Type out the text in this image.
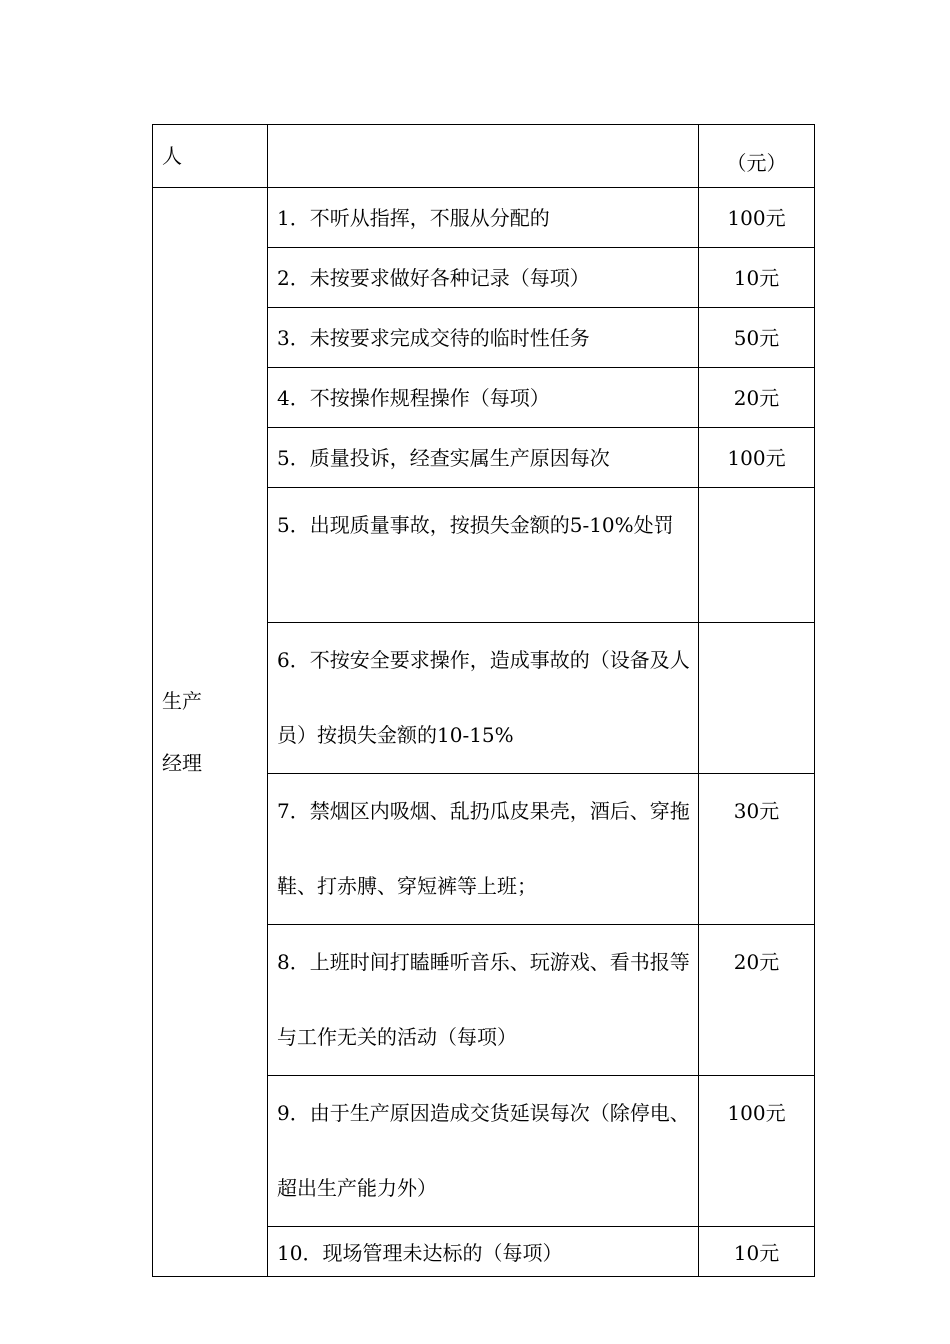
人		（元）

生产
经理	1．不听从指挥，不服从分配的	100元
	2．未按要求做好各种记录（每项）	10元
	3．未按要求完成交待的临时性任务	50元
	4．不按操作规程操作（每项）	20元
	5．质量投诉，经查实属生产原因每次	100元
	5．出现质量事故，按损失金额的5-10%处罚	
	6．不按安全要求操作，造成事故的（设备及人员）按损失金额的10-15%	
	7．禁烟区内吸烟、乱扔瓜皮果壳，酒后、穿拖鞋、打赤膊、穿短裤等上班；	30元
	8．上班时间打瞌睡听音乐、玩游戏、看书报等与工作无关的活动（每项）	20元
	9．由于生产原因造成交货延误每次（除停电、超出生产能力外）	100元
	10．现场管理未达标的（每项）	10元
